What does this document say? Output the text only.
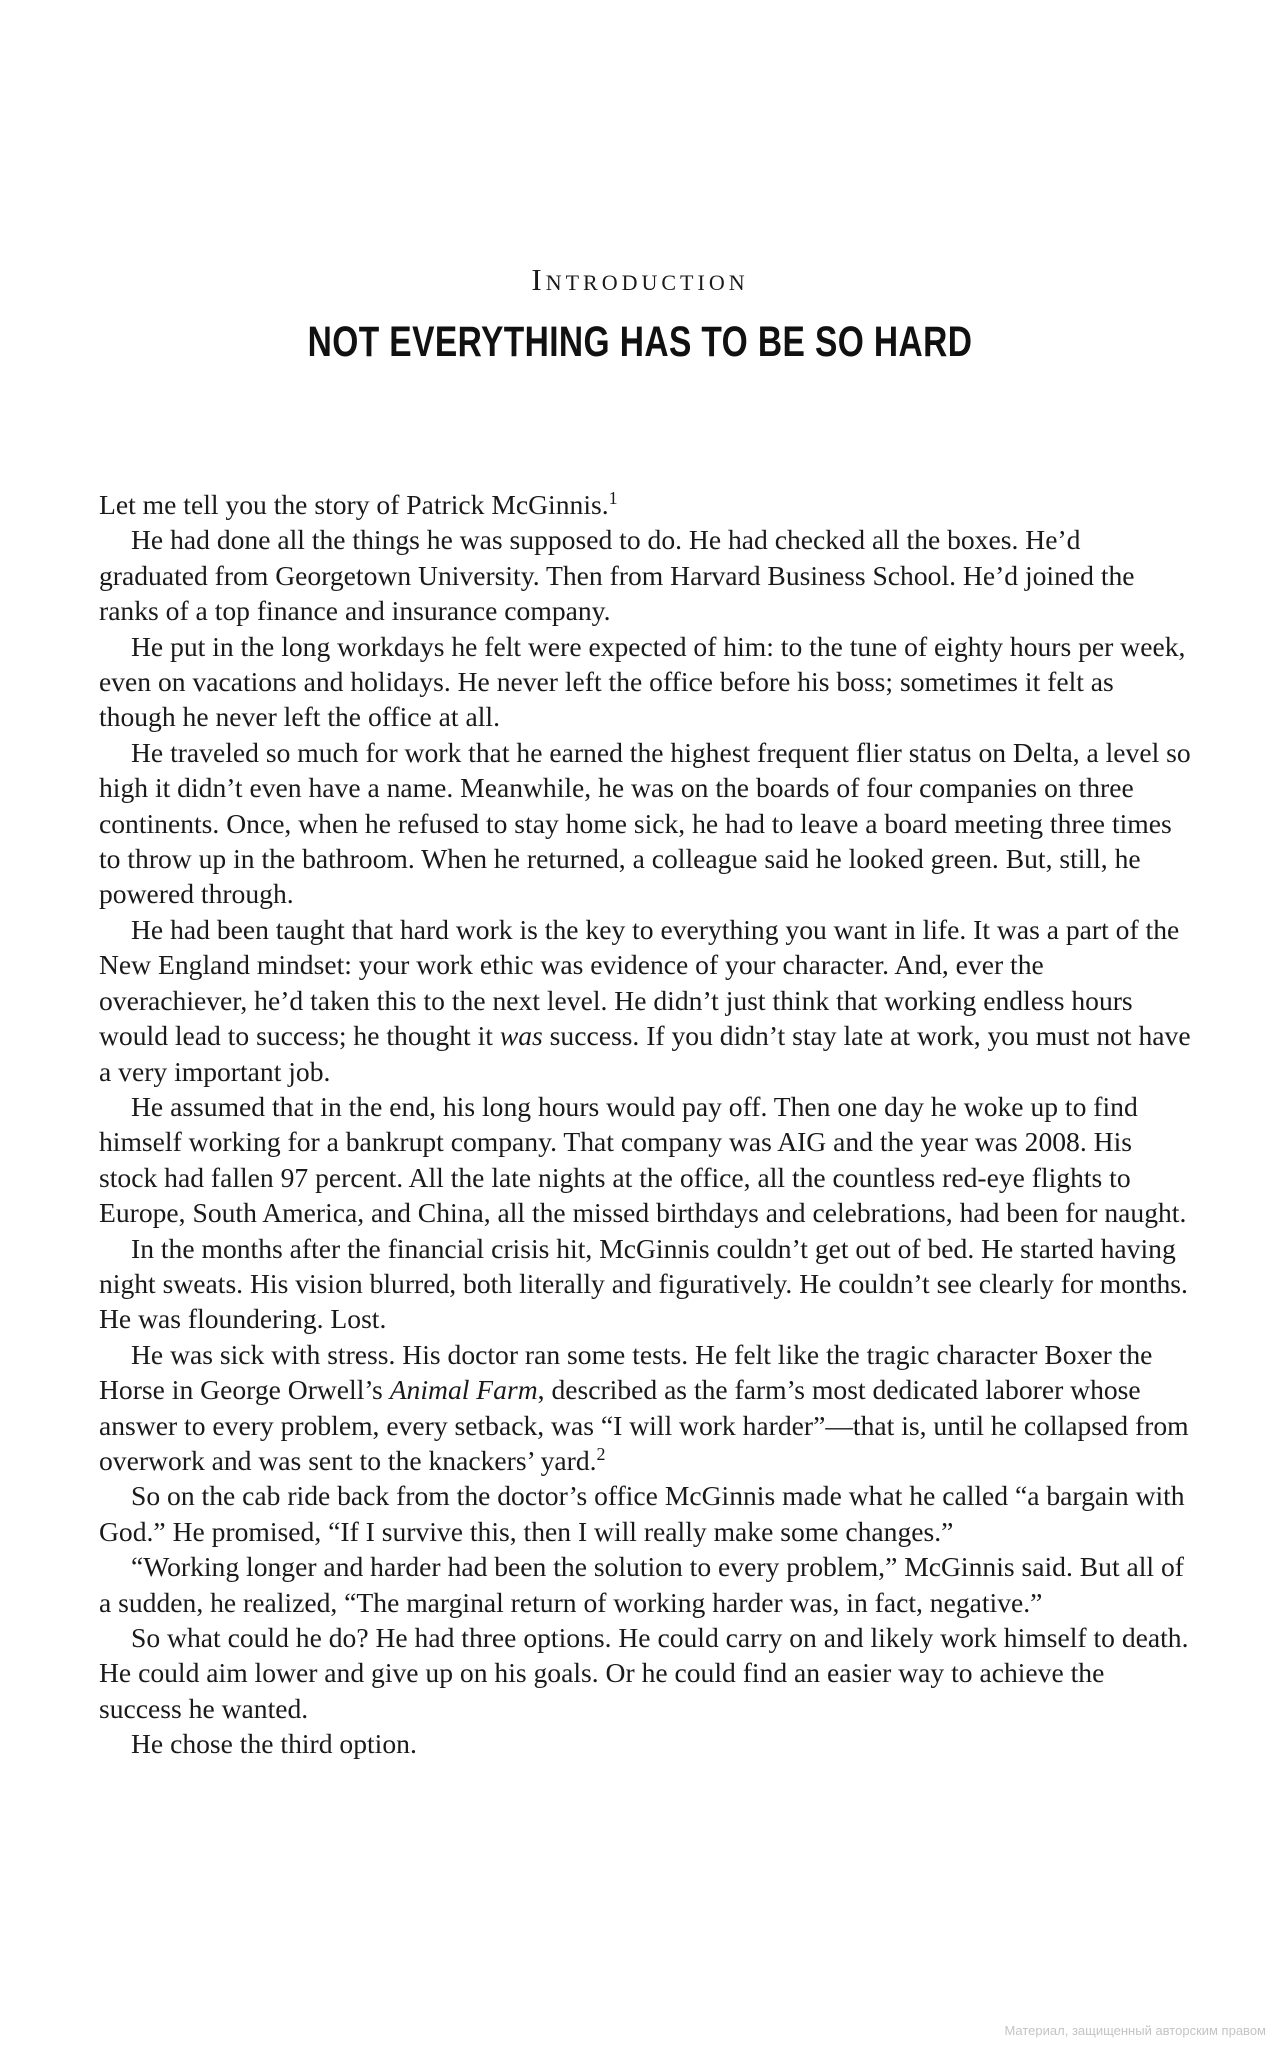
Introduction
NOT EVERYTHING HAS TO BE SO HARD

Let me tell you the story of Patrick McGinnis.$^1$

He had done all the things he was supposed to do. He had checked all the boxes. He’d graduated from Georgetown University. Then from Harvard Business School. He’d joined the ranks of a top finance and insurance company.

He put in the long workdays he felt were expected of him: to the tune of eighty hours per week, even on vacations and holidays. He never left the office before his boss; sometimes it felt as though he never left the office at all.

He traveled so much for work that he earned the highest frequent flier status on Delta, a level so high it didn’t even have a name. Meanwhile, he was on the boards of four companies on three continents. Once, when he refused to stay home sick, he had to leave a board meeting three times to throw up in the bathroom. When he returned, a colleague said he looked green. But, still, he powered through.

He had been taught that hard work is the key to everything you want in life. It was a part of the New England mindset: your work ethic was evidence of your character. And, ever the overachiever, he’d taken this to the next level. He didn’t just think that working endless hours would lead to success; he thought it was success. If you didn’t stay late at work, you must not have a very important job.

He assumed that in the end, his long hours would pay off. Then one day he woke up to find himself working for a bankrupt company. That company was AIG and the year was 2008. His stock had fallen 97 percent. All the late nights at the office, all the countless red-eye flights to Europe, South America, and China, all the missed birthdays and celebrations, had been for naught.

In the months after the financial crisis hit, McGinnis couldn’t get out of bed. He started having night sweats. His vision blurred, both literally and figuratively. He couldn’t see clearly for months. He was floundering. Lost.

He was sick with stress. His doctor ran some tests. He felt like the tragic character Boxer the Horse in George Orwell’s Animal Farm, described as the farm’s most dedicated laborer whose answer to every problem, every setback, was “I will work harder”—that is, until he collapsed from overwork and was sent to the knackers’ yard.$^2$

So on the cab ride back from the doctor’s office McGinnis made what he called “a bargain with God.” He promised, “If I survive this, then I will really make some changes.”

“Working longer and harder had been the solution to every problem,” McGinnis said. But all of a sudden, he realized, “The marginal return of working harder was, in fact, negative.”

So what could he do? He had three options. He could carry on and likely work himself to death. He could aim lower and give up on his goals. Or he could find an easier way to achieve the success he wanted.

He chose the third option.

Материал, защищенный авторским правом
